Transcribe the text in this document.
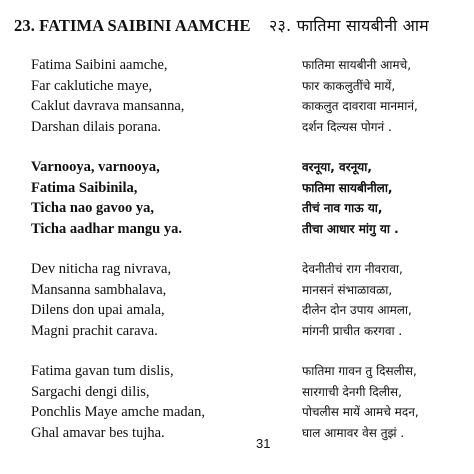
23. FATIMA SAIBINI AAMCHE २३. फातिमा सायबीनी आम
Fatima Saibini aamche,
Far caklutiche maye,
Caklut davrava mansanna,
Darshan dilais porana.
Varnooya, varnooya,
Fatima Saibinila,
Ticha nao gavoo ya,
Ticha aadhar mangu ya.
Dev niticha rag nivrava,
Mansanna sambhalava,
Dilens don upai amala,
Magni prachit carava.
Fatima gavan tum dislis,
Sargachi dengi dilis,
Ponchlis Maye amche madan,
Ghal amavar bes tujha.
फातिमा सायबीनी आमचे,
फार काकलुतींचे मायें,
काकलुत दावरावा मानमानं,
दर्शन दिल्यस पोगनं .
वरनूया, वरनूया,
फातिमा सायबीनीला,
तीचं नाव गाऊ या,
तीचा आधार मांगु या .
देवनीतीचं राग नीवरावा,
मानसनं संभाळावळा,
दीलेन दोन उपाय आमला,
मांगनी प्राचीत करगवा .
फातिमा गावन तु दिसलीस,
सारगाची देनगी दिलीस,
पोचलीस मायें आमचे मदन,
घाल आमावर वेस तुझं .
31
